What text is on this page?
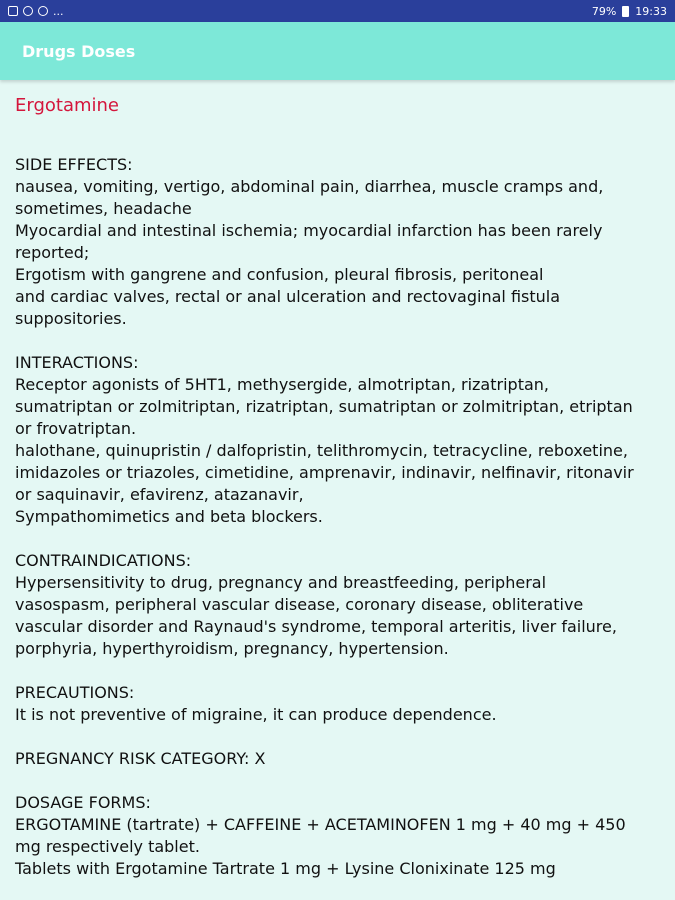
...	79% 19:33
Drugs Doses
Ergotamine
SIDE EFFECTS:
nausea, vomiting, vertigo, abdominal pain, diarrhea, muscle cramps and,
sometimes, headache
Myocardial and intestinal ischemia; myocardial infarction has been rarely
reported;
Ergotism with gangrene and confusion, pleural fibrosis, peritoneal
and cardiac valves, rectal or anal ulceration and rectovaginal fistula
suppositories.
INTERACTIONS:
Receptor agonists of 5HT1, methysergide, almotriptan, rizatriptan,
sumatriptan or zolmitriptan, rizatriptan, sumatriptan or zolmitriptan, etriptan
or frovatriptan.
halothane, quinupristin / dalfopristin, telithromycin, tetracycline, reboxetine,
imidazoles or triazoles, cimetidine, amprenavir, indinavir, nelfinavir, ritonavir
or saquinavir, efavirenz, atazanavir,
Sympathomimetics and beta blockers.
CONTRAINDICATIONS:
Hypersensitivity to drug, pregnancy and breastfeeding, peripheral
vasospasm, peripheral vascular disease, coronary disease, obliterative
vascular disorder and Raynaud's syndrome, temporal arteritis, liver failure,
porphyria, hyperthyroidism, pregnancy, hypertension.
PRECAUTIONS:
It is not preventive of migraine, it can produce dependence.
PREGNANCY RISK CATEGORY: X
DOSAGE FORMS:
ERGOTAMINE (tartrate) + CAFFEINE + ACETAMINOFEN 1 mg + 40 mg + 450
mg respectively tablet.
Tablets with Ergotamine Tartrate 1 mg + Lysine Clonixinate 125 mg
